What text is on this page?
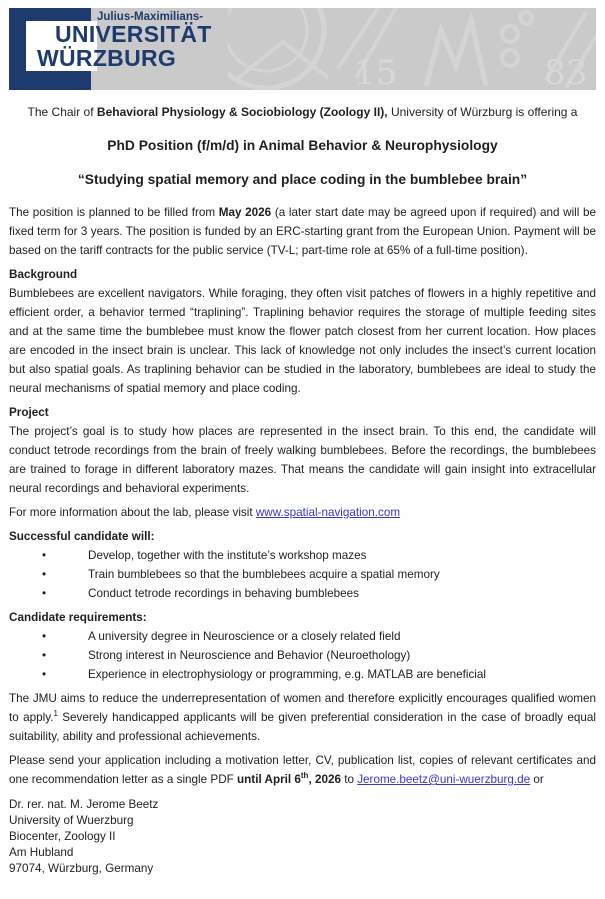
15	83
Julius-Maximilians-
UNIVERSITÄT
WÜRZBURG
The Chair of Behavioral Physiology & Sociobiology (Zoology II), University of Würzburg is offering a
PhD Position (f/m/d) in Animal Behavior & Neurophysiology
“Studying spatial memory and place coding in the bumblebee brain”

The position is planned to be filled from May 2026 (a later start date may be agreed upon if required) and will be fixed term for 3 years. The position is funded by an ERC-starting grant from the European Union. Payment will be based on the tariff contracts for the public service (TV-L; part-time role at 65% of a full-time position).

Background

Bumblebees are excellent navigators. While foraging, they often visit patches of flowers in a highly repetitive and efficient order, a behavior termed “traplining”. Traplining behavior requires the storage of multiple feeding sites and at the same time the bumblebee must know the flower patch closest from her current location. How places are encoded in the insect brain is unclear. This lack of knowledge not only includes the insect’s current location but also spatial goals. As traplining behavior can be studied in the laboratory, bumblebees are ideal to study the neural mechanisms of spatial memory and place coding.

Project

The project’s goal is to study how places are represented in the insect brain. To this end, the candidate will conduct tetrode recordings from the brain of freely walking bumblebees. Before the recordings, the bumblebees are trained to forage in different laboratory mazes. That means the candidate will gain insight into extracellular neural recordings and behavioral experiments.

For more information about the lab, please visit www.spatial-navigation.com

Successful candidate will:
• Develop, together with the institute’s workshop mazes
• Train bumblebees so that the bumblebees acquire a spatial memory
• Conduct tetrode recordings in behaving bumblebees
Candidate requirements:
• A university degree in Neuroscience or a closely related field
• Strong interest in Neuroscience and Behavior (Neuroethology)
• Experience in electrophysiology or programming, e.g. MATLAB are beneficial

The JMU aims to reduce the underrepresentation of women and therefore explicitly encourages qualified women to apply.$^1$ Severely handicapped applicants will be given preferential consideration in the case of broadly equal suitability, ability and professional achievements.

Please send your application including a motivation letter, CV, publication list, copies of relevant certificates and one recommendation letter as a single PDF until April 6th, 2026 to Jerome.beetz@uni-wuerzburg.de or

Dr. rer. nat. M. Jerome Beetz
University of Wuerzburg
Biocenter, Zoology II
Am Hubland
97074, Würzburg, Germany
